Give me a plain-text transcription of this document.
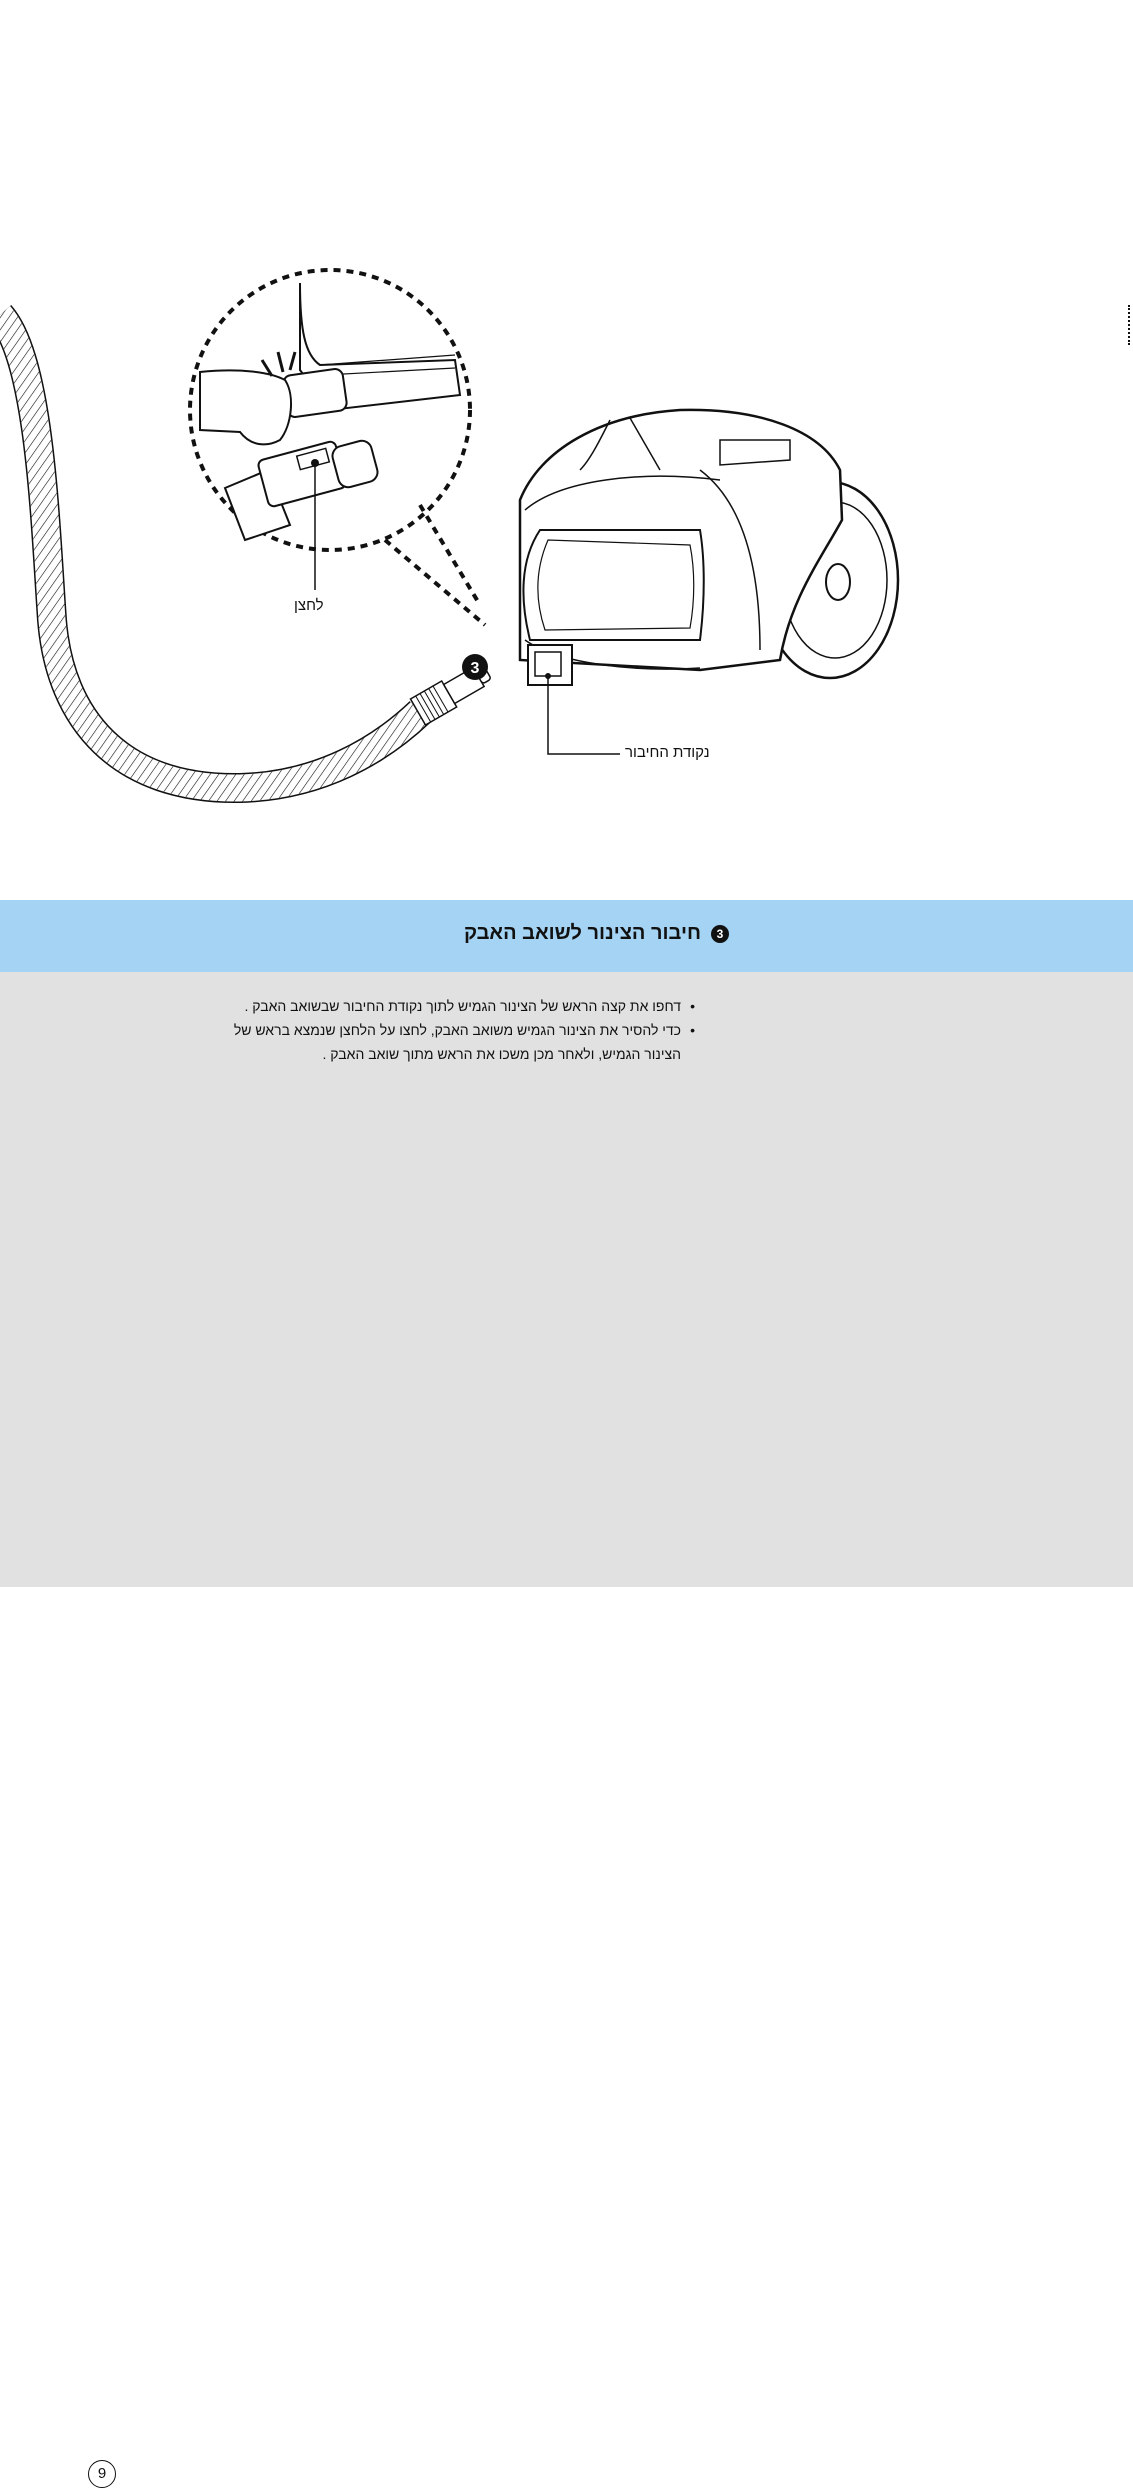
3
לחצן
נקודת החיבור
3
חיבור הצינור לשואב האבק
• דחפו את קצה הראש של הצינור הגמיש לתוך נקודת החיבור שבשואב האבק .
• כדי להסיר את הצינור הגמיש משואב האבק, לחצו על הלחצן שנמצא בראש של הצינור הגמיש, ולאחר מכן משכו את הראש מתוך שואב האבק .
9
